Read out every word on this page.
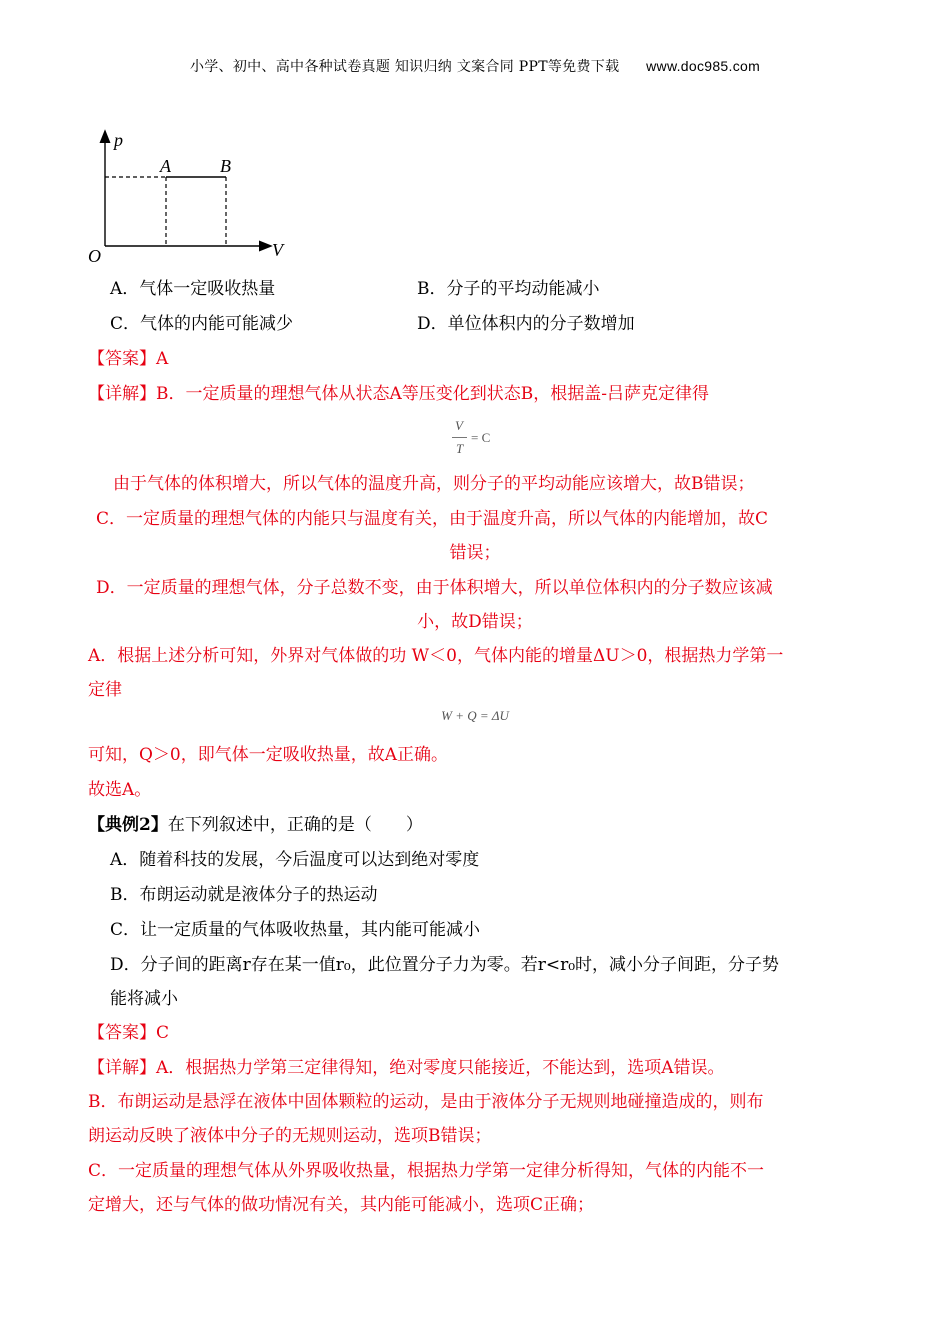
小学、初中、高中各种试卷真题 知识归纳 文案合同 PPT等免费下载 www.doc985.com
p
A	B
V
O
A．气体一定吸收热量	B．分子的平均动能减小
C．气体的内能可能减少	D．单位体积内的分子数增加
【答案】A
【详解】B．一定质量的理想气体从状态A等压变化到状态B，根据盖-吕萨克定律得
V
T
= C
由于气体的体积增大，所以气体的温度升高，则分子的平均动能应该增大，故B错误；
C．一定质量的理想气体的内能只与温度有关，由于温度升高，所以气体的内能增加，故C
错误；
D．一定质量的理想气体，分子总数不变，由于体积增大，所以单位体积内的分子数应该减
小，故D错误；
A．根据上述分析可知，外界对气体做的功 W＜0，气体内能的增量ΔU＞0，根据热力学第一
定律
W + Q = ΔU
可知，Q＞0，即气体一定吸收热量，故A正确。
故选A。
【典例2】在下列叙述中，正确的是（　　）
A．随着科技的发展，今后温度可以达到绝对零度
B．布朗运动就是液体分子的热运动
C．让一定质量的气体吸收热量，其内能可能减小
D．分子间的距离r存在某一值r₀，此位置分子力为零。若r<r₀时，减小分子间距，分子势
能将减小
【答案】C
【详解】A．根据热力学第三定律得知，绝对零度只能接近，不能达到，选项A错误。
B．布朗运动是悬浮在液体中固体颗粒的运动，是由于液体分子无规则地碰撞造成的，则布
朗运动反映了液体中分子的无规则运动，选项B错误；
C．一定质量的理想气体从外界吸收热量，根据热力学第一定律分析得知，气体的内能不一
定增大，还与气体的做功情况有关，其内能可能减小，选项C正确；
